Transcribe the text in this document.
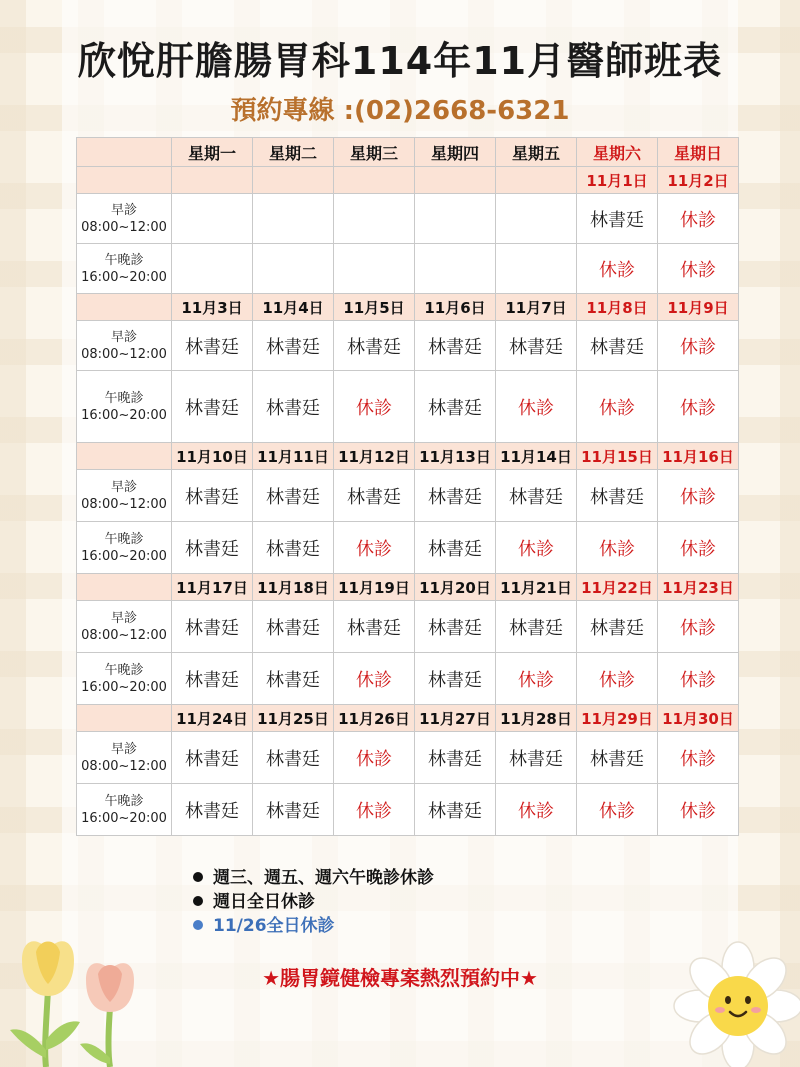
欣悅肝膽腸胃科114年11月醫師班表
預約專線 :(02)2668-6321
	星期一	星期二	星期三	星期四	星期五	星期六	星期日
						11月1日	11月2日

早診
08:00~12:00						林書廷	休診

午晚診
16:00~20:00						休診	休診
	11月3日	11月4日	11月5日	11月6日	11月7日	11月8日	11月9日

早診
08:00~12:00	林書廷	林書廷	林書廷	林書廷	林書廷	林書廷	休診

午晚診
16:00~20:00	林書廷	林書廷	休診	林書廷	休診	休診	休診
	11月10日	11月11日	11月12日	11月13日	11月14日	11月15日	11月16日

早診
08:00~12:00	林書廷	林書廷	林書廷	林書廷	林書廷	林書廷	休診

午晚診
16:00~20:00	林書廷	林書廷	休診	林書廷	休診	休診	休診
	11月17日	11月18日	11月19日	11月20日	11月21日	11月22日	11月23日

早診
08:00~12:00	林書廷	林書廷	林書廷	林書廷	林書廷	林書廷	休診

午晚診
16:00~20:00	林書廷	林書廷	休診	林書廷	休診	休診	休診
	11月24日	11月25日	11月26日	11月27日	11月28日	11月29日	11月30日

早診
08:00~12:00	林書廷	林書廷	休診	林書廷	林書廷	林書廷	休診

午晚診
16:00~20:00	林書廷	林書廷	休診	林書廷	休診	休診	休診
週三、週五、週六午晚診休診
週日全日休診
11/26全日休診
★腸胃鏡健檢專案熱烈預約中★
